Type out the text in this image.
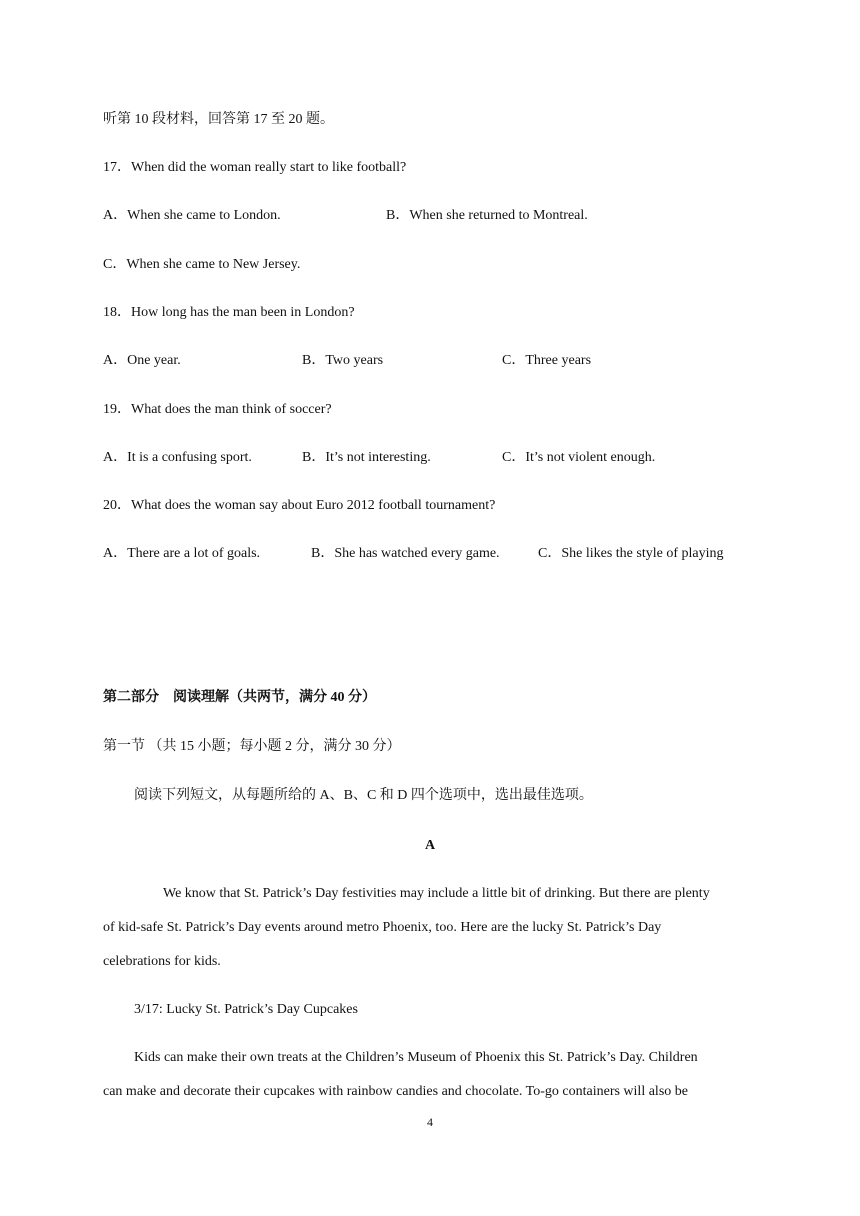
听第 10 段材料，回答第 17 至 20 题。
17．When did the woman really start to like football?
A．When she came to London.	B．When she returned to Montreal.
C．When she came to New Jersey.
18．How long has the man been in London?
A．One year.	B．Two years	C．Three years
19．What does the man think of soccer?
A．It is a confusing sport.	B．It’s not interesting.	C．It’s not violent enough.
20．What does the woman say about Euro 2012 football tournament?
A．There are a lot of goals.	B．She has watched every game.	C．She likes the style of playing
第二部分　阅读理解（共两节，满分 40 分）
第一节 （共 15 小题；每小题 2 分，满分 30 分）
阅读下列短文，从每题所给的 A、B、C 和 D 四个选项中，选出最佳选项。
A
We know that St. Patrick’s Day festivities may include a little bit of drinking. But there are plenty
of kid-safe St. Patrick’s Day events around metro Phoenix, too. Here are the lucky St. Patrick’s Day
celebrations for kids.
3/17: Lucky St. Patrick’s Day Cupcakes
Kids can make their own treats at the Children’s Museum of Phoenix this St. Patrick’s Day. Children
can make and decorate their cupcakes with rainbow candies and chocolate. To-go containers will also be
4
